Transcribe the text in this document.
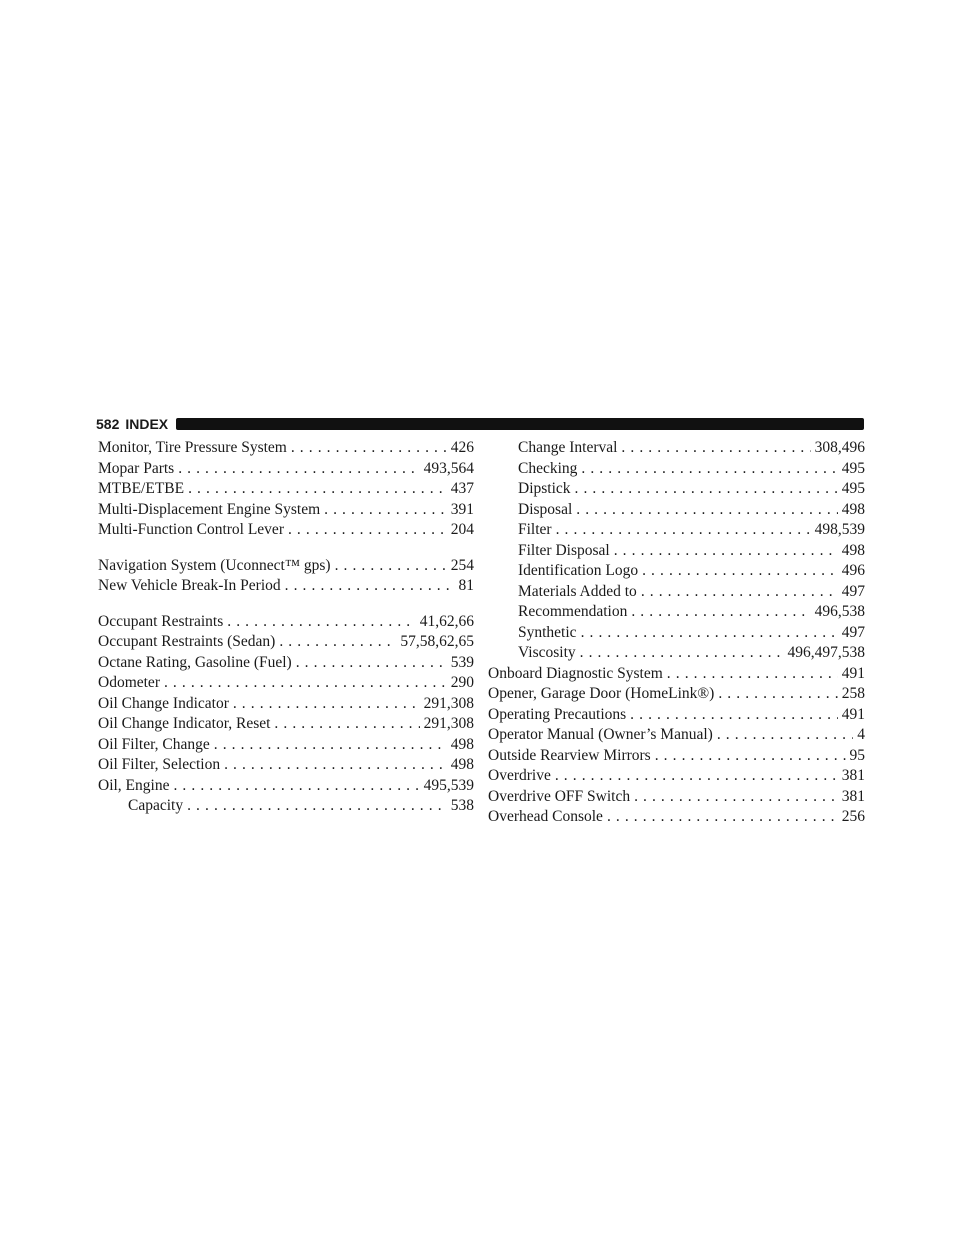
582 INDEX
Monitor, Tire Pressure System . . .	426
Mopar Parts . . .	493,564
MTBE/ETBE . . .	437
Multi-Displacement Engine System . . .	391
Multi-Function Control Lever . . .	204
Navigation System (Uconnect™ gps) . . .	254
New Vehicle Break-In Period . . .	81
Occupant Restraints . . .	41,62,66
Occupant Restraints (Sedan) . . .	57,58,62,65
Octane Rating, Gasoline (Fuel) . . .	539
Odometer . . .	290
Oil Change Indicator . . .	291,308
Oil Change Indicator, Reset . . .	291,308
Oil Filter, Change . . .	498
Oil Filter, Selection . . .	498
Oil, Engine . . .	495,539
Capacity . . .	538
Change Interval . . .	308,496
Checking . . .	495
Dipstick . . .	495
Disposal . . .	498
Filter . . .	498,539
Filter Disposal . . .	498
Identification Logo . . .	496
Materials Added to . . .	497
Recommendation . . .	496,538
Synthetic . . .	497
Viscosity . . .	496,497,538
Onboard Diagnostic System . . .	491
Opener, Garage Door (HomeLink®) . . .	258
Operating Precautions . . .	491
Operator Manual (Owner’s Manual) . . .	4
Outside Rearview Mirrors . . .	95
Overdrive . . .	381
Overdrive OFF Switch . . .	381
Overhead Console . . .	256
